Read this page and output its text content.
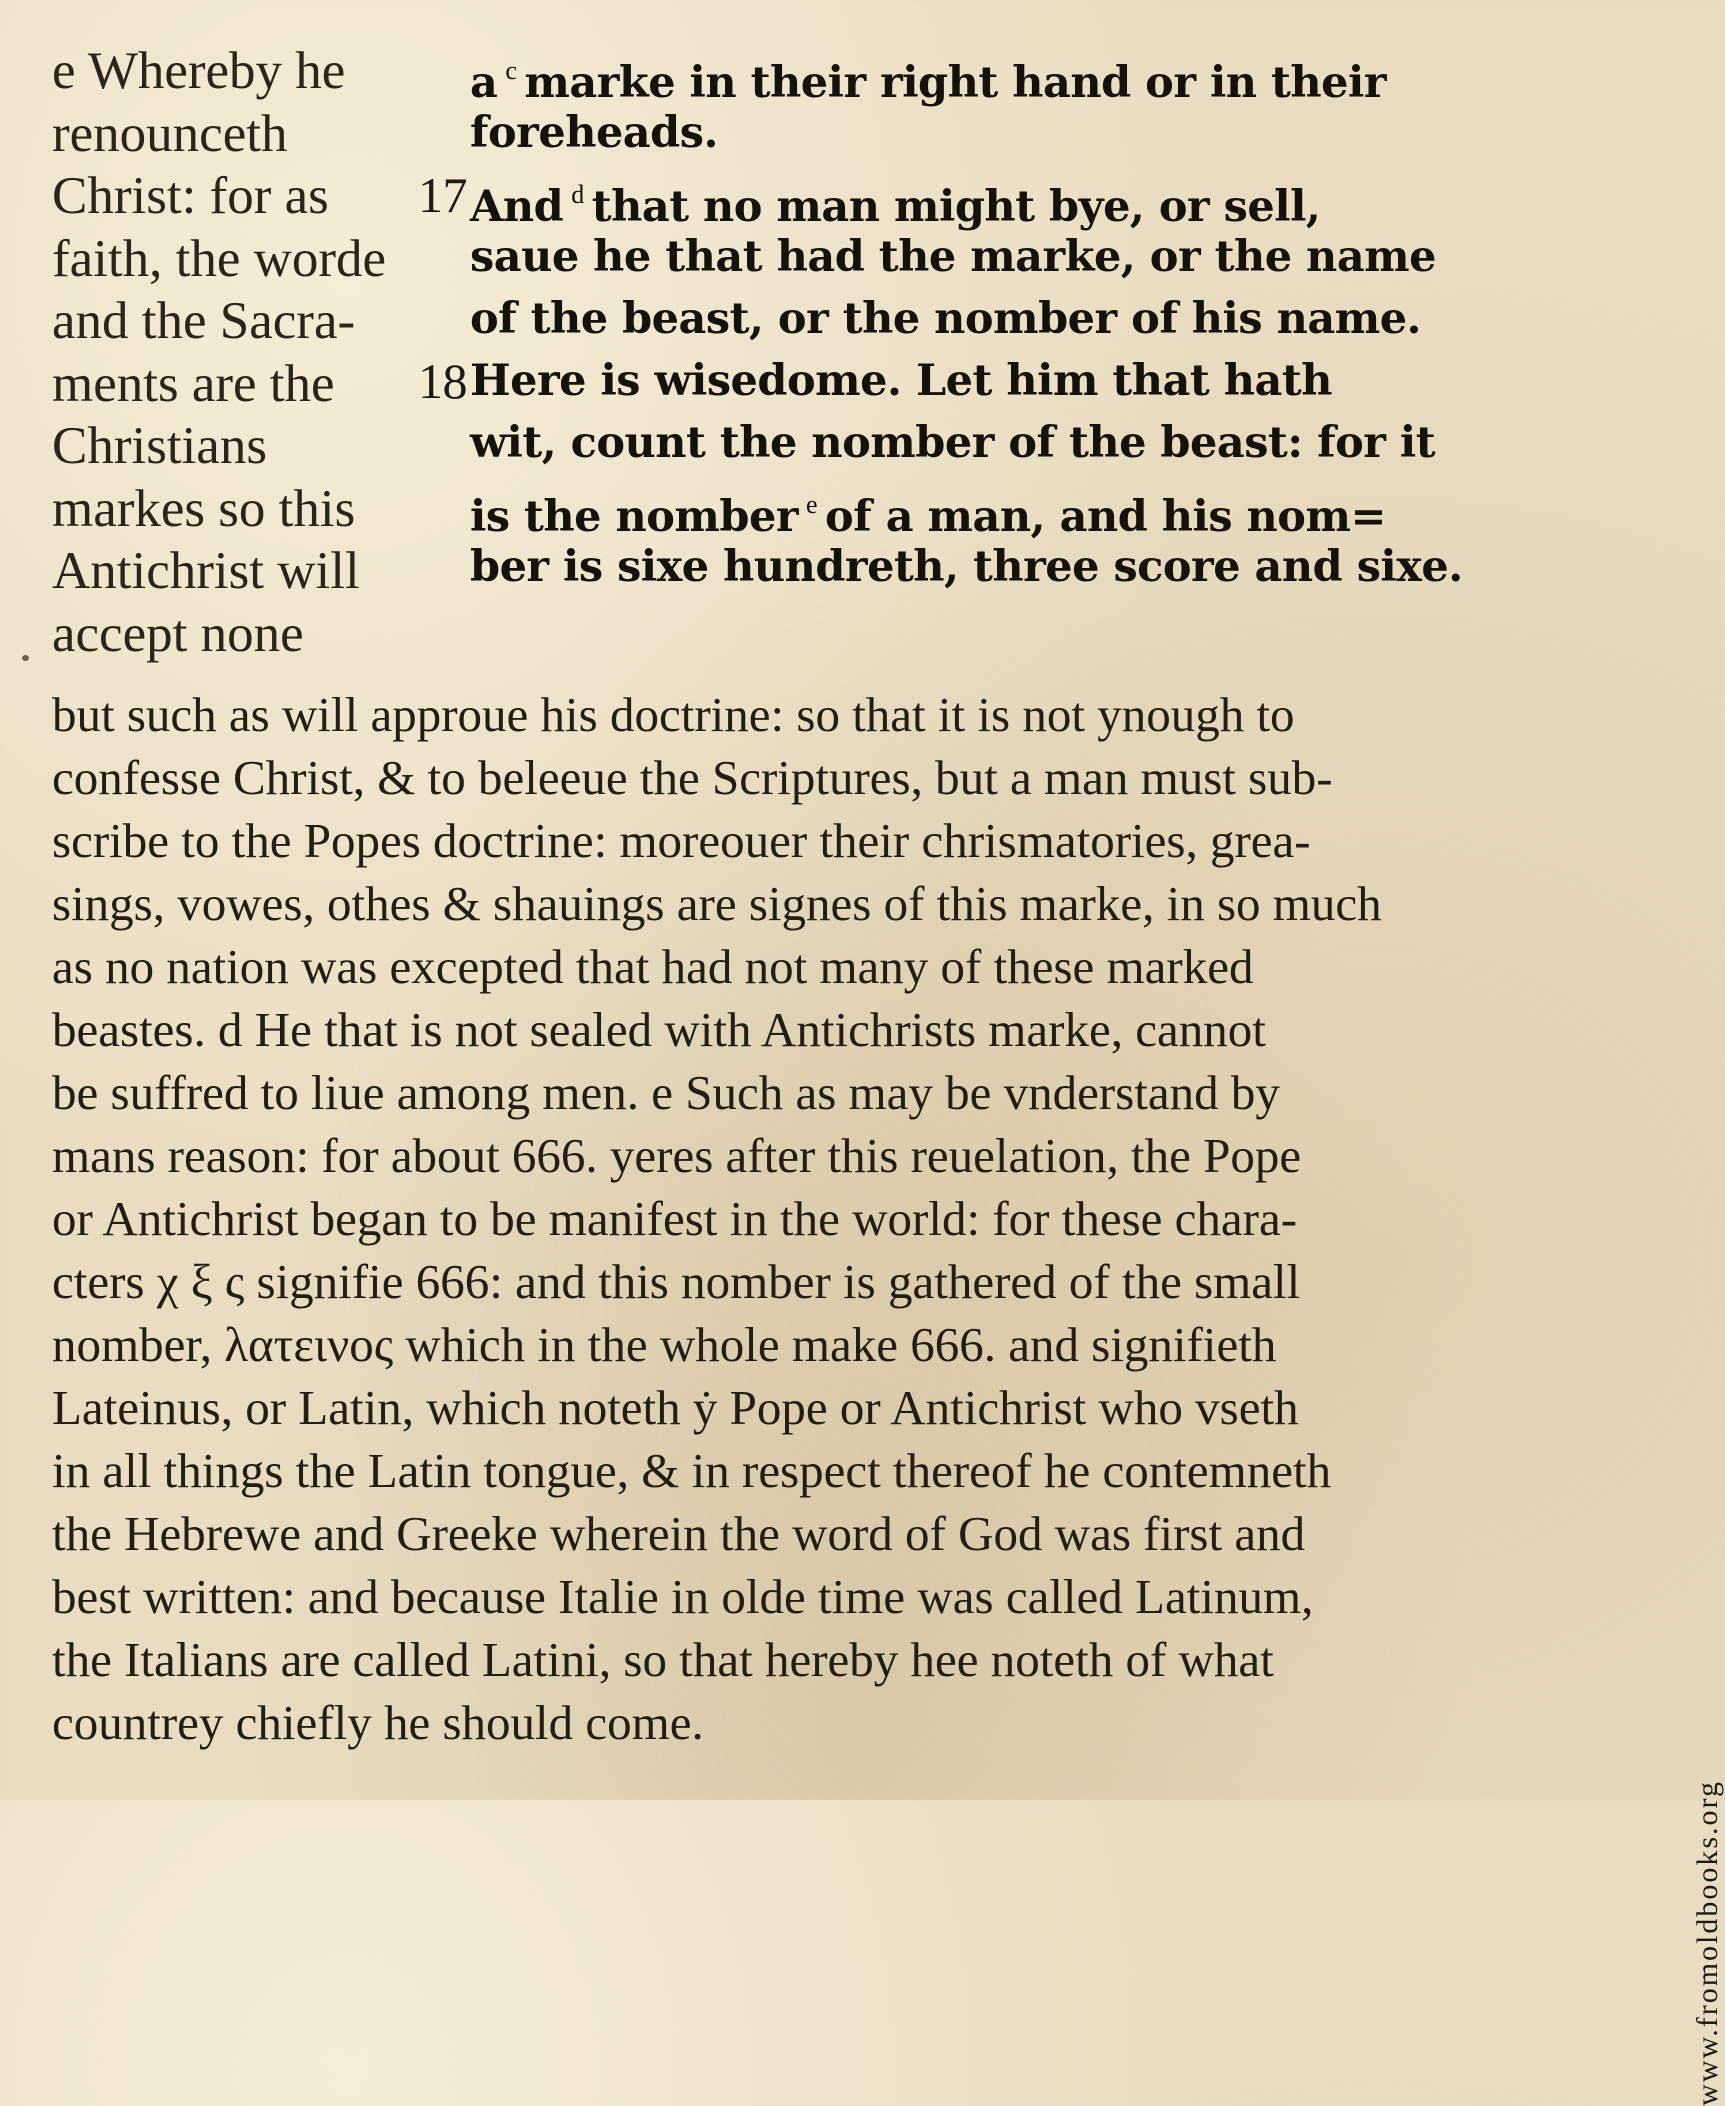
e Whereby he
renounceth
Christ: for as
faith, the worde
and the Sacra-
ments are the
Christians
markes so this
Antichrist will
accept none
a $^c$ marke in their right hand or in their
foreheads.
17 And $^d$ that no man might bye, or sell,
saue he that had the marke, or the name
of the beast, or the nomber of his name.
18 Here is wisedome. Let him that hath
wit, count the nomber of the beast: for it
is the nomber $^e$ of a man, and his nom=
ber is sixe hundreth, three score and sixe.
but such as will approue his doctrine: so that it is not ynough to
confesse Christ, & to beleeue the Scriptures, but a man must sub-
scribe to the Popes doctrine: moreouer their chrismatories, grea-
sings, vowes, othes & shauings are signes of this marke, in so much
as no nation was excepted that had not many of these marked
beastes. d He that is not sealed with Antichrists marke, cannot
be suffred to liue among men. e Such as may be vnderstand by
mans reason: for about 666. yeres after this reuelation, the Pope
or Antichrist began to be manifest in the world: for these chara-
cters χ ξ ς signifie 666: and this nomber is gathered of the small
nomber, λατεινος which in the whole make 666. and signifieth
Lateinus, or Latin, which noteth ẏ Pope or Antichrist who vseth
in all things the Latin tongue, & in respect thereof he contemneth
the Hebrewe and Greeke wherein the word of God was first and
best written: and because Italie in olde time was called Latinum,
the Italians are called Latini, so that hereby hee noteth of what
countrey chiefly he should come.
www.fromoldbooks.org
